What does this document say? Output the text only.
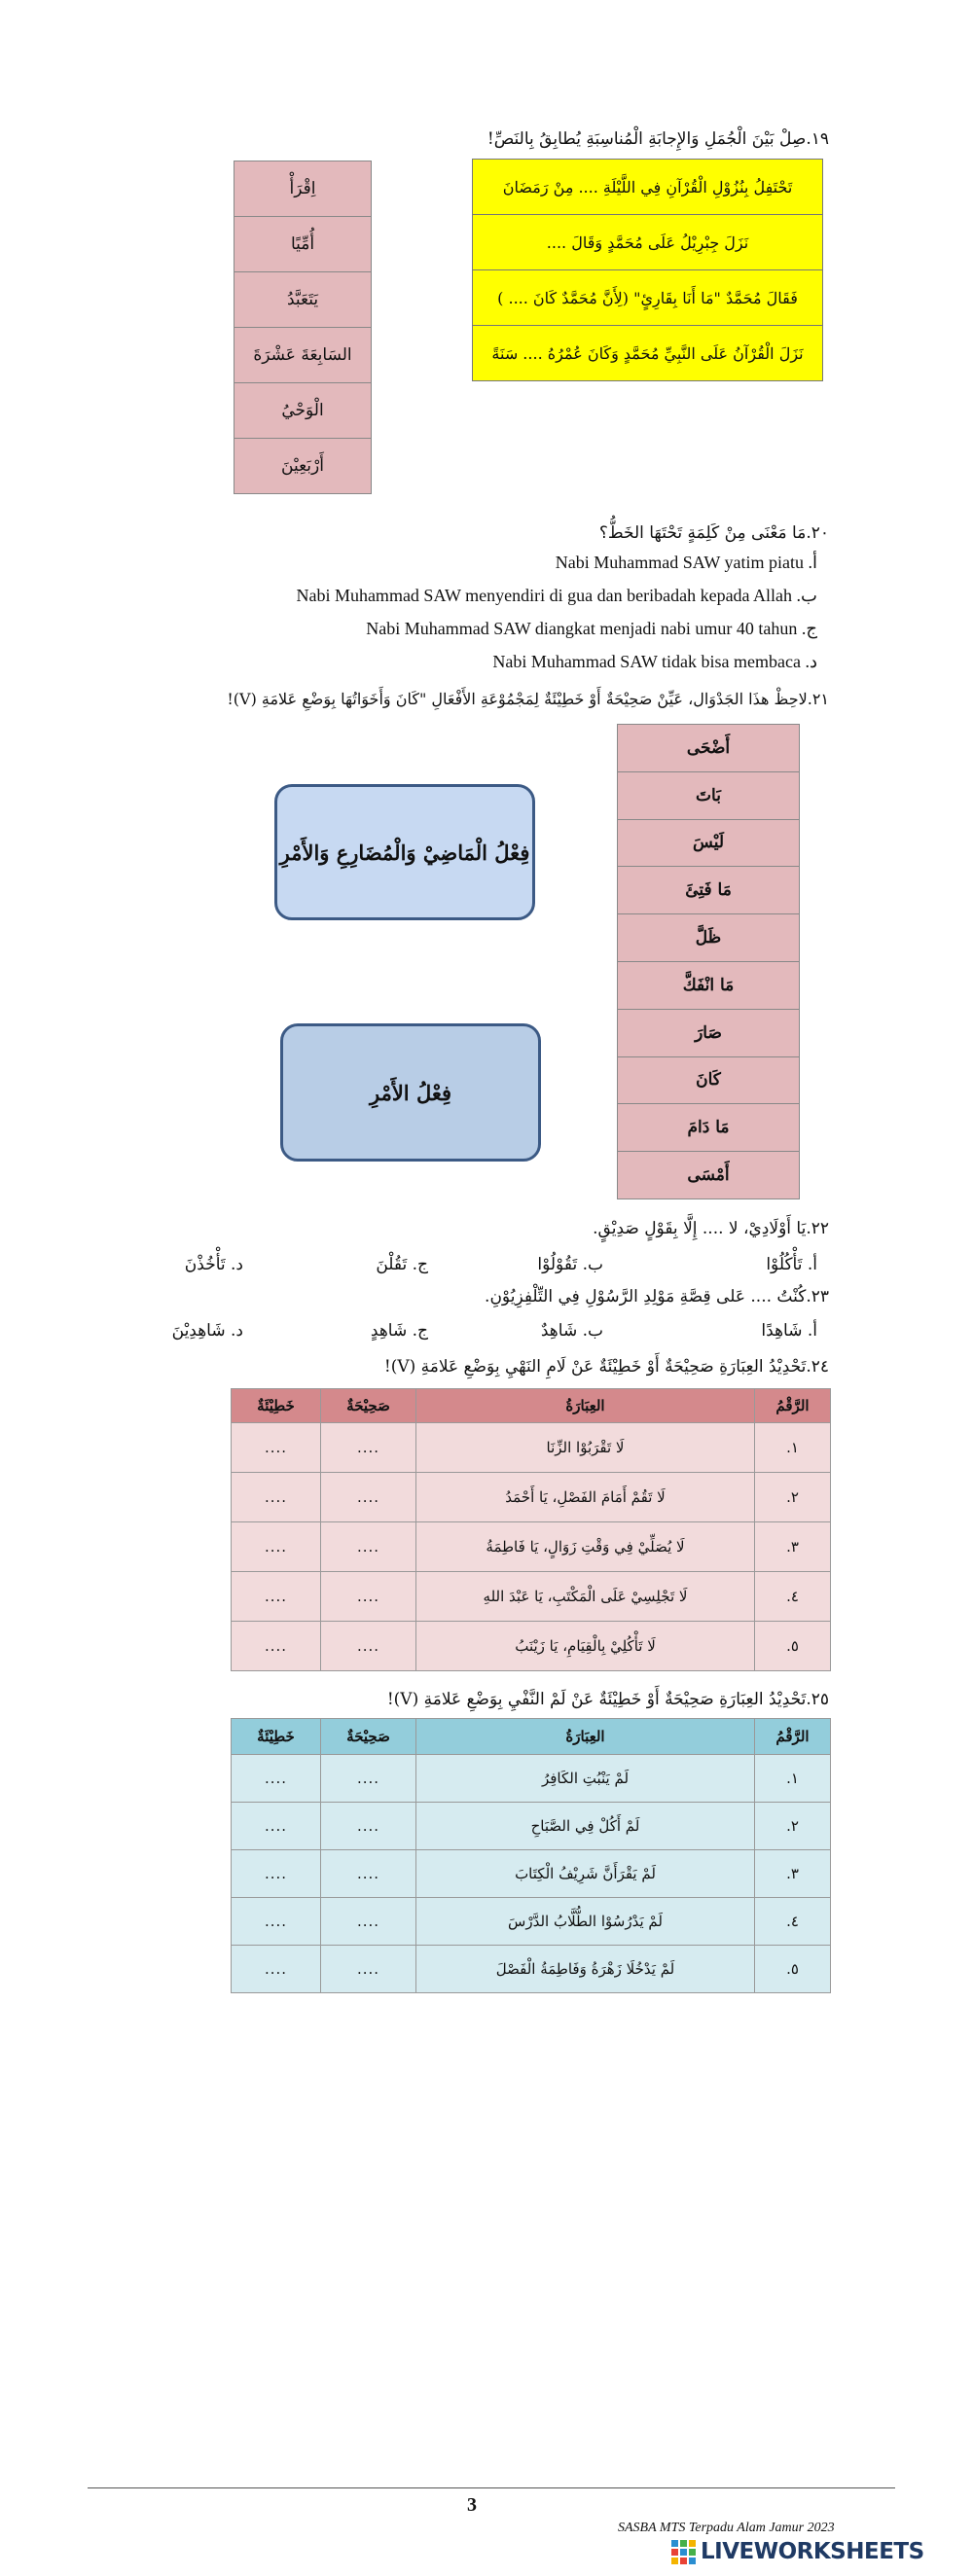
١٩.صِلْ بَيْنَ الْجُمَلِ وَالإِجابَةِ الْمُناسِبَةِ يُطابِقُ بِالنَصِّ!
تَحْتَفِلُ بِنُزُوْلِ الْقُرْآنِ فِي اللَّيْلَةِ .... مِنْ رَمَضَانَ
نَزَلَ جِبْرِيْلُ عَلَى مُحَمَّدٍ وَقَالَ ....
فَقَالَ مُحَمَّدٌ "مَا أَنَا بِقَارِئٍ" (لِأَنَّ مُحَمَّدٌ كَانَ .... )
نَزَلَ الْقُرْآنُ عَلَى النَّبِيِّ مُحَمَّدٍ وَكَانَ عُمْرُهُ .... سَنَةً
اِقْرَأْ
أُمِّيًا
يَتَعَبَّدُ
السَابِعَةَ عَشْرَةَ
الْوَحْيُ
أَرْبَعِيْنَ
٢٠.مَا مَعْنَى مِنْ كَلِمَةٍ تَحْتَهَا الخَطُّ؟
أ. Nabi Muhammad SAW yatim piatu
ب. Nabi Muhammad SAW menyendiri di gua dan beribadah kepada Allah
ج. Nabi Muhammad SAW diangkat menjadi nabi umur 40 tahun
د. Nabi Muhammad SAW tidak bisa membaca
٢١.لاحِظْ هذَا الجَدْوَال، عَيِّنْ صَحِيْحَةٌ أَوْ خَطِيْئَةٌ لِمَجْمُوْعَةِ الأَفْعَالِ "كَانَ وَأَخَوَاتُهَا بِوَضْعِ عَلامَةِ (V)!
أَضْحَى
بَاتَ
لَيْسَ
مَا فَتِئَ
ظَلَّ
مَا انْفَكَّ
صَارَ
كَانَ
مَا دَامَ
أَمْسَى
فِعْلُ الْمَاضِيْ وَالْمُضَارِعِ وَالأَمْرِ
فِعْلُ الأَمْرِ
٢٢.يَا أَوْلَادِيْ، لا .... إِلَّا بِقَوْلٍ صَدِيْقٍ.
أ. تَأْكُلُوْا
ب. تَقُوْلُوْا
ج. تَقُلْنَ
د. تَأْخُذْنَ
٢٣.كُنْتُ .... عَلى قِصَّةِ مَوْلِدِ الرَّسُوْلِ فِي التِّلْفِزِيُوْنِ.
أ. شَاهِدًا
ب. شَاهِدٌ
ج. شَاهِدٍ
د. شَاهِدِيْنَ
٢٤.تَحْدِيْدُ العِبَارَةِ صَحِيْحَةٌ أَوْ خَطِيْئَةٌ عَنْ لَامِ النَهْيِ بِوَضْعِ عَلامَةِ (V)!
الرَّقْمُ	العِبَارَةُ	صَحِيْحَةٌ	خَطِيْئَةٌ
١.	لَا تَقْرَبُوْا الزِّنَا	....	....
٢.	لَا تَقُمْ أَمَامَ الفَصْلِ، يَا أَحْمَدُ	....	....
٣.	لَا يُصَلِّيْ فِي وَقْتِ زَوَالٍ، يَا فَاطِمَةُ	....	....
٤.	لَا تَجْلِسِيْ عَلَى الْمَكْتَبِ، يَا عَبْدَ اللهِ	....	....
٥.	لَا تَأْكُلِيْ بِالْقِيَامِ، يَا زَيْنَبُ	....	....
٢٥.تَحْدِيْدُ العِبَارَةِ صَحِيْحَةٌ أَوْ خَطِيْئَةٌ عَنْ لَمْ النَّفْيِ بِوَضْعِ عَلامَةِ (V)!
الرَّقْمُ	العِبَارَةُ	صَحِيْحَةٌ	خَطِيْئَةٌ
١.	لَمْ يَنْبُتِ الكَافِرُ	....	....
٢.	لَمْ أَكُلْ فِي الصَّبَاحِ	....	....
٣.	لَمْ يَقْرَأَنَّ شَرِيْفُ الْكِتَابَ	....	....
٤.	لَمْ يَدْرُسُوْا الطُّلَّابُ الدَّرْسَ	....	....
٥.	لَمْ يَدْخُلَا زَهْرَةُ وَفَاطِمَةُ الْفَصْلَ	....	....
3
SASBA MTS Terpadu Alam Jamur 2023
LIVEWORKSHEETS
